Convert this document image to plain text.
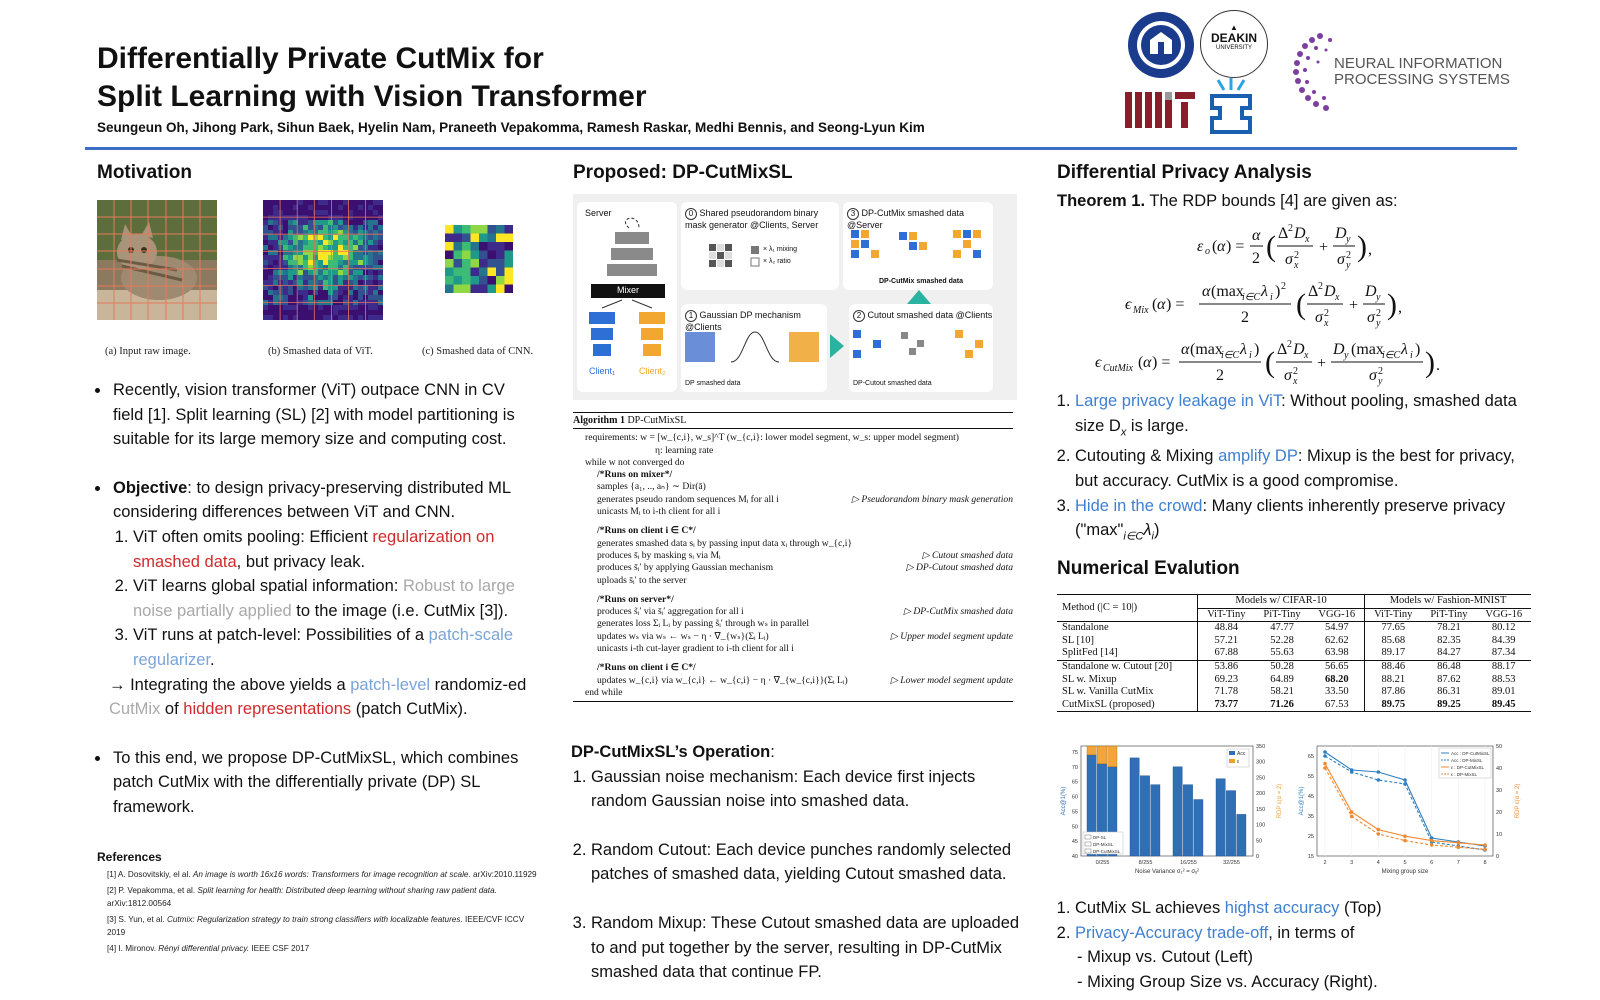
Differentially Private CutMix for
Split Learning with Vision Transformer
Seungeun Oh, Jihong Park, Sihun Baek, Hyelin Nam, Praneeth Vepakomma, Ramesh Raskar, Medhi Bennis, and Seong-Lyun Kim
▲
DEAKIN
UNIVERSITY
NEURAL INFORMATION
PROCESSING SYSTEMS
Motivation
(a) Input raw image.	(b) Smashed data of ViT.	(c) Smashed data of CNN.
• Recently, vision transformer (ViT) outpace CNN in CV field [1]. Split learning (SL) [2] with model partitioning is suitable for its large memory size and computing cost.
• Objective: to design privacy-preserving distributed ML considering differences between ViT and CNN.
1. ViT often omits pooling: Efficient regularization on smashed data, but privacy leak.
2. ViT learns global spatial information: Robust to large noise partially applied to the image (i.e. CutMix [3]).
3. ViT runs at patch-level: Possibilities of a patch-scale regularizer.
→ Integrating the above yields a patch-level randomiz-ed CutMix of hidden representations (patch CutMix).
• To this end, we propose DP-CutMixSL, which combines patch CutMix with the differentially private (DP) SL framework.
References
[1] A. Dosovitskiy, el al. An image is worth 16x16 words: Transformers for image recognition at scale. arXiv:2010.11929
[2] P. Vepakomma, et al. Split learning for health: Distributed deep learning without sharing raw patient data. arXiv:1812.00564
[3] S. Yun, et al. Cutmix: Regularization strategy to train strong classifiers with localizable features. IEEE/CVF ICCV 2019
[4] I. Mironov. Rényi differential privacy. IEEE CSF 2017
Proposed: DP-CutMixSL
Server
Mixer
Client₁	Client₂
0 Shared pseudorandom binary mask generator @Clients, Server
× λ₁ mixing
× λ₂ ratio
3 DP-CutMix smashed data @Server
DP-CutMix smashed data
1 Gaussian DP mechanism @Clients
DP smashed data
2 Cutout smashed data @Clients
DP-Cutout smashed data
Algorithm 1 DP-CutMixSL
requirements: w = [w_{c,i}, w_s]^T (w_{c,i}: lower model segment, w_s: upper model segment)
η: learning rate
while w not converged do
/*Runs on mixer*/
samples {a₁, .., aₙ} ∼ Dir(ā)
generates pseudo random sequences Mᵢ for all i	▷ Pseudorandom binary mask generation
unicasts Mᵢ to i-th client for all i
/*Runs on client i ∈ C*/
generates smashed data sᵢ by passing input data xᵢ through w_{c,i}
produces s̄ᵢ by masking sᵢ via Mᵢ	▷ Cutout smashed data
produces s̄ᵢ′ by applying Gaussian mechanism	▷ DP-Cutout smashed data
uploads s̄ᵢ′ to the server
/*Runs on server*/
produces s̃ᵢ′ via s̄ᵢ′ aggregation for all i	▷ DP-CutMix smashed data
generates loss Σᵢ Lᵢ by passing s̃ᵢ′ through wₛ in parallel
updates wₛ via wₛ ← wₛ − η · ∇_{wₛ}(Σᵢ Lᵢ)	▷ Upper model segment update
unicasts i-th cut-layer gradient to i-th client for all i
/*Runs on client i ∈ C*/
updates w_{c,i} via w_{c,i} ← w_{c,i} − η · ∇_{w_{c,i}}(Σᵢ Lᵢ)	▷ Lower model segment update
end while
DP-CutMixSL’s Operation:
1. Gaussian noise mechanism: Each device first injects random Gaussian noise into smashed data.
2. Random Cutout: Each device punches randomly selected patches of smashed data, yielding Cutout smashed data.
3. Random Mixup: These Cutout smashed data are uploaded to and put together by the server, resulting in DP-CutMix smashed data that continue FP.
Differential Privacy Analysis
Theorem 1. The RDP bounds [4] are given as:
ε o ( α ) =
α
2 ( Δ 2 D x
σ 2
x
+
D y
σ 2
y
) ,
ϵ Mix ( α ) =
α (max
i∈C λ i ) 2
2 ( Δ 2 D x
σ 2
x
+
D y
σ 2
y
) ,
ϵ CutMix ( α ) =
α (max
i∈C λ i )
2 ( Δ 2 D x
σ 2
x
+
D y (max
i∈C λ i )
σ 2
y
) .
1. Large privacy leakage in ViT: Without pooling, smashed data size $D_x$ is large.
2. Cutouting & Mixing amplify DP: Mixup is the best for privacy, but accuracy. CutMix is a good compromise.
3. Hide in the crowd: Many clients inherently preserve privacy $("\max"_{i\in C}\lambda_i)$
Numerical Evalution
Method (|C = 10|)	Models w/ CIFAR-10			Models w/ Fashion-MNIST		
	ViT-Tiny	PiT-Tiny	VGG-16	ViT-Tiny	PiT-Tiny	VGG-16
Standalone	48.84	47.77	54.97	77.65	78.21	80.12
SL [10]	57.21	52.28	62.62	85.68	82.35	84.39
SplitFed [14]	67.88	55.63	63.98	89.17	84.27	87.34
Standalone w. Cutout [20]	53.86	50.28	56.65	88.46	86.48	88.17
SL w. Mixup	69.23	64.89	68.20	88.21	87.62	88.53
SL w. Vanilla CutMix	71.78	58.21	33.50	87.86	86.31	89.01
CutMixSL (proposed)	73.77	71.26	67.53	89.75	89.25	89.45
40
45
50
55
60
65
70
75
0
50
100
150
200
250
300
350
0/255	8/255	16/255	32/255
Noise Variance σ₁² = σᵧ²
Acc@1(%)	RDP ε(α = 2)
Acc
ε
DP-SL
DP-MixSL
DP-CutMixSL
15
25
35
45
55
65
0
10
20
30
40
50
2	3	4	5	6	7	8
Mixing group size
Acc@1(%)	RDP ε(α = 2)
Acc : DP-CutMixSL
Acc : DP-MixSL
ε : DP-CutMixSL
ε : DP-MixSL
1. CutMix SL achieves highst accuracy (Top)
2. Privacy-Accuracy trade-off, in terms of
- Mixup vs. Cutout (Left)
- Mixing Group Size vs. Accuracy (Right).
